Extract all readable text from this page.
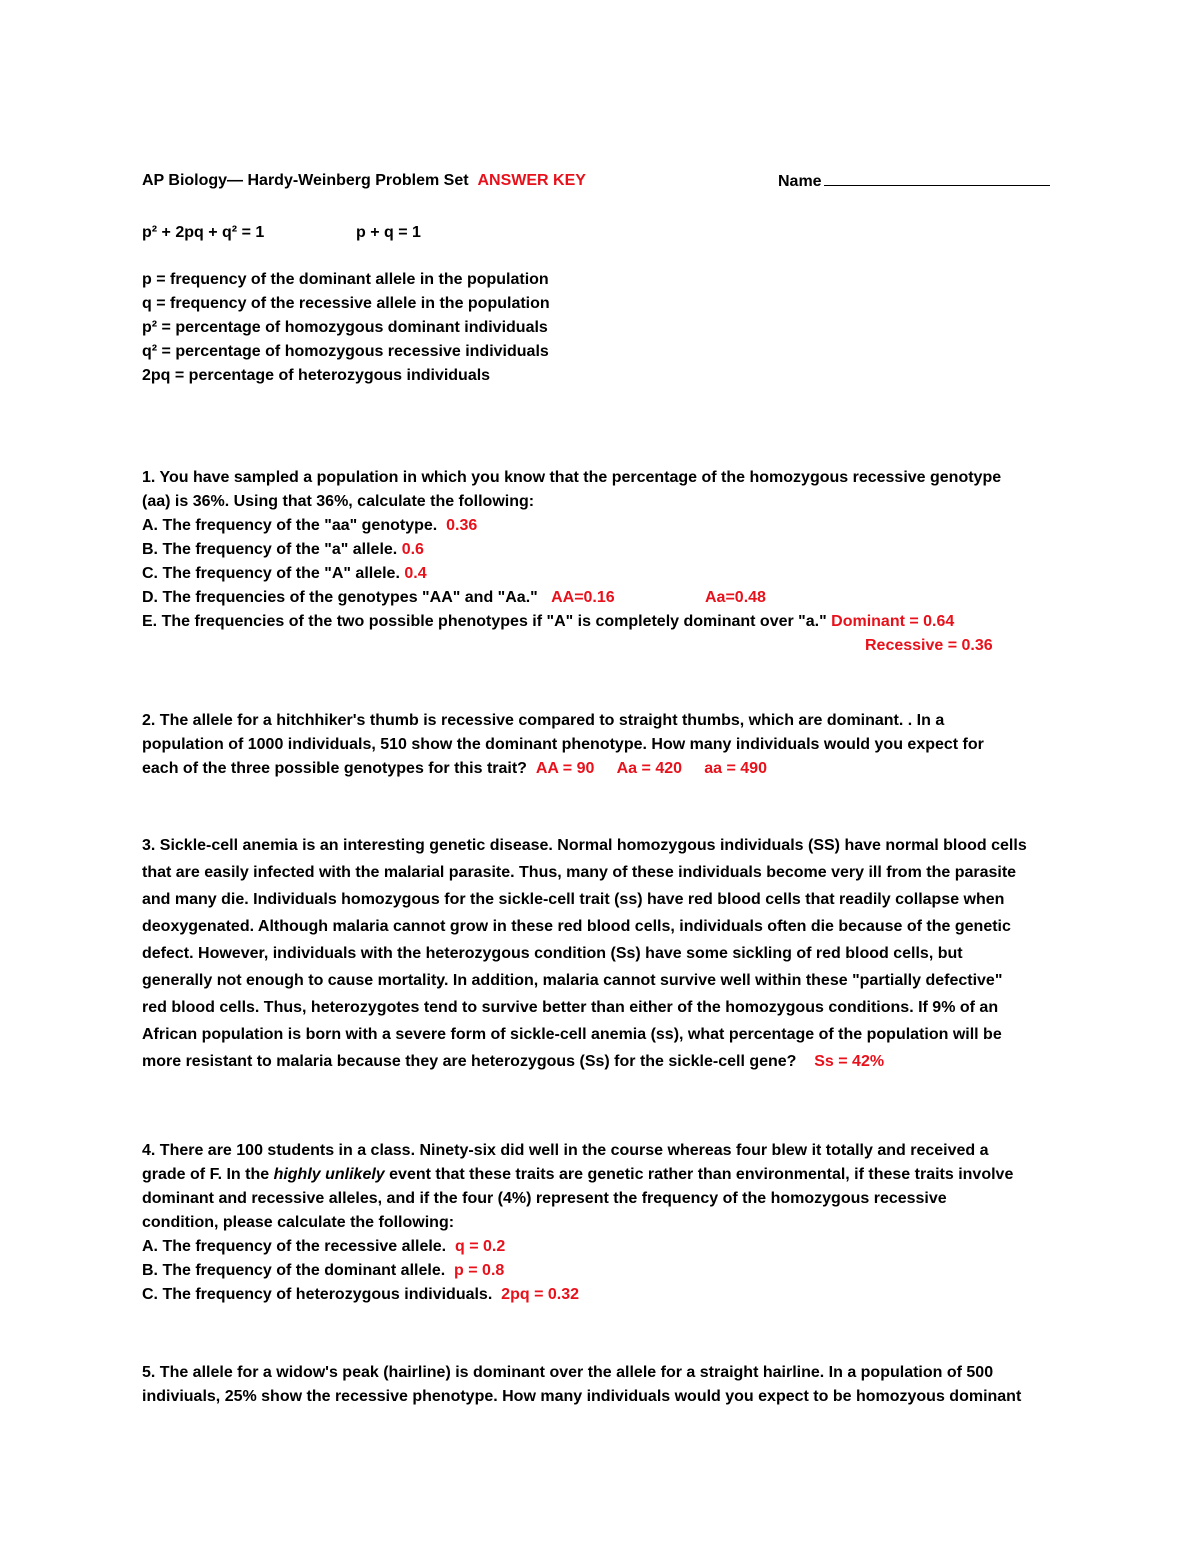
AP Biology— Hardy-Weinberg Problem Set ANSWER KEY	Name
p² + 2pq + q² = 1	p + q = 1
p = frequency of the dominant allele in the population
q = frequency of the recessive allele in the population
p² = percentage of homozygous dominant individuals
q² = percentage of homozygous recessive individuals
2pq = percentage of heterozygous individuals
1. You have sampled a population in which you know that the percentage of the homozygous recessive genotype
(aa) is 36%. Using that 36%, calculate the following:
A. The frequency of the "aa" genotype. 0.36
B. The frequency of the "a" allele. 0.6
C. The frequency of the "A" allele. 0.4
D. The frequencies of the genotypes "AA" and "Aa." AA=0.16	Aa=0.48
E. The frequencies of the two possible phenotypes if "A" is completely dominant over "a." Dominant = 0.64
Recessive = 0.36
2. The allele for a hitchhiker's thumb is recessive compared to straight thumbs, which are dominant. . In a
population of 1000 individuals, 510 show the dominant phenotype. How many individuals would you expect for
each of the three possible genotypes for this trait? AA = 90 Aa = 420 aa = 490
3. Sickle-cell anemia is an interesting genetic disease. Normal homozygous individuals (SS) have normal blood cells
that are easily infected with the malarial parasite. Thus, many of these individuals become very ill from the parasite
and many die. Individuals homozygous for the sickle-cell trait (ss) have red blood cells that readily collapse when
deoxygenated. Although malaria cannot grow in these red blood cells, individuals often die because of the genetic
defect. However, individuals with the heterozygous condition (Ss) have some sickling of red blood cells, but
generally not enough to cause mortality. In addition, malaria cannot survive well within these "partially defective"
red blood cells. Thus, heterozygotes tend to survive better than either of the homozygous conditions. If 9% of an
African population is born with a severe form of sickle-cell anemia (ss), what percentage of the population will be
more resistant to malaria because they are heterozygous (Ss) for the sickle-cell gene? Ss = 42%
4. There are 100 students in a class. Ninety-six did well in the course whereas four blew it totally and received a
grade of F. In the highly unlikely event that these traits are genetic rather than environmental, if these traits involve
dominant and recessive alleles, and if the four (4%) represent the frequency of the homozygous recessive
condition, please calculate the following:
A. The frequency of the recessive allele. q = 0.2
B. The frequency of the dominant allele. p = 0.8
C. The frequency of heterozygous individuals. 2pq = 0.32
5. The allele for a widow's peak (hairline) is dominant over the allele for a straight hairline. In a population of 500
indiviuals, 25% show the recessive phenotype. How many individuals would you expect to be homozyous dominant
